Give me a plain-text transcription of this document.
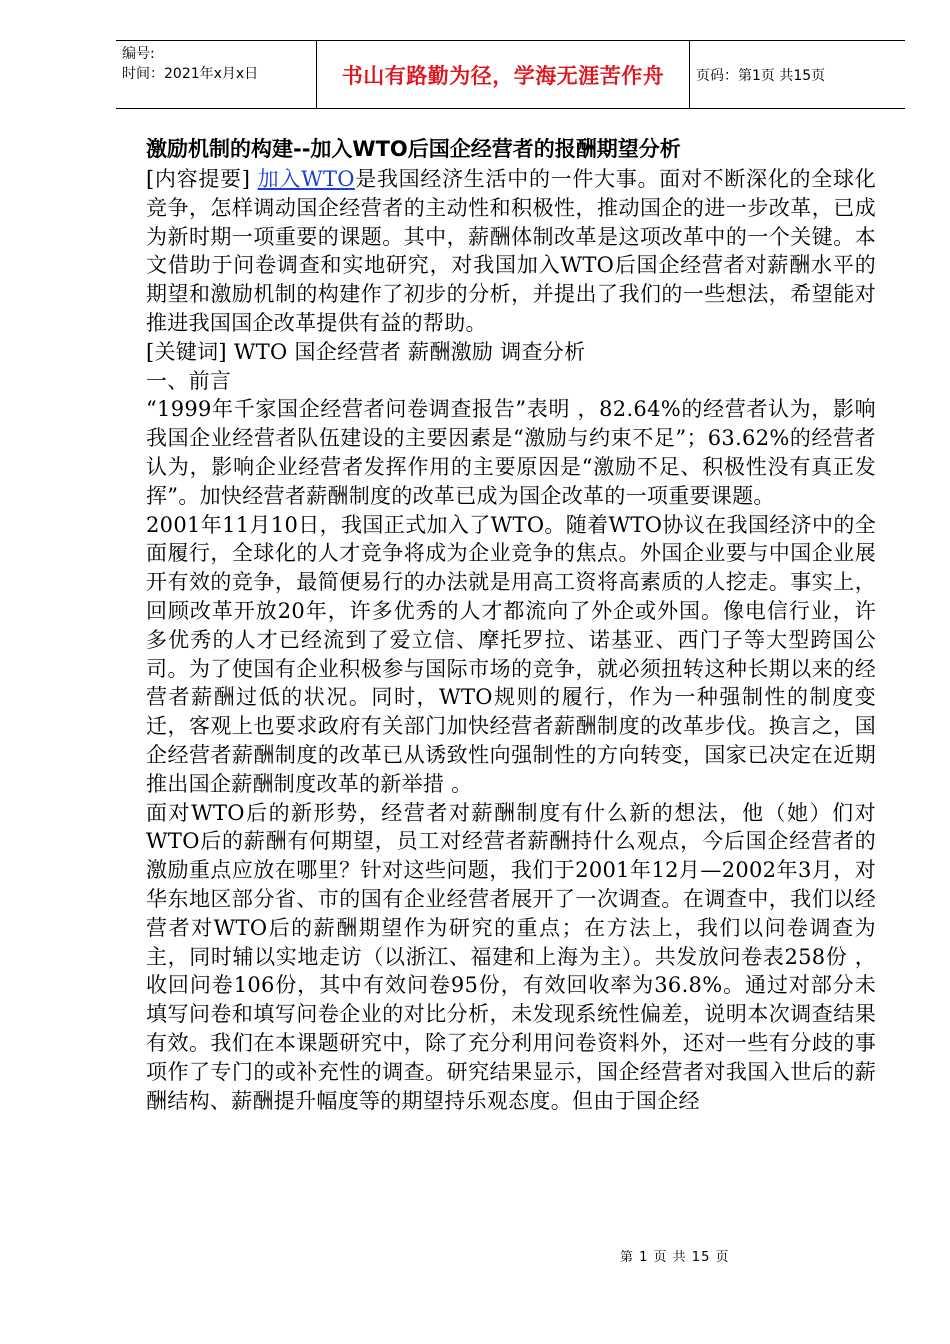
编号:
时间：2021年x月x日	书山有路勤为径，学海无涯苦作舟 页码：第1页 共15页
激励机制的构建--加入WTO后国企经营者的报酬期望分析

[内容提要] 加入WTO是我国经济生活中的一件大事。面对不断深化的全球化竞争，怎样调动国企经营者的主动性和积极性，推动国企的进一步改革，已成为新时期一项重要的课题。其中，薪酬体制改革是这项改革中的一个关键。本文借助于问卷调查和实地研究，对我国加入WTO后国企经营者对薪酬水平的期望和激励机制的构建作了初步的分析，并提出了我们的一些想法，希望能对推进我国国企改革提供有益的帮助。

[关键词] WTO 国企经营者 薪酬激励 调查分析

一、前言

“1999年千家国企经营者问卷调查报告”表明 ，82.64%的经营者认为，影响我国企业经营者队伍建设的主要因素是“激励与约束不足”；63.62%的经营者认为，影响企业经营者发挥作用的主要原因是“激励不足、积极性没有真正发挥”。加快经营者薪酬制度的改革已成为国企改革的一项重要课题。

2001年11月10日，我国正式加入了WTO。随着WTO协议在我国经济中的全面履行，全球化的人才竞争将成为企业竞争的焦点。外国企业要与中国企业展开有效的竞争，最简便易行的办法就是用高工资将高素质的人挖走。事实上，回顾改革开放20年，许多优秀的人才都流向了外企或外国。像电信行业，许多优秀的人才已经流到了爱立信、摩托罗拉、诺基亚、西门子等大型跨国公司。为了使国有企业积极参与国际市场的竞争，就必须扭转这种长期以来的经营者薪酬过低的状况。同时，WTO规则的履行，作为一种强制性的制度变迁，客观上也要求政府有关部门加快经营者薪酬制度的改革步伐。换言之，国企经营者薪酬制度的改革已从诱致性向强制性的方向转变，国家已决定在近期推出国企薪酬制度改革的新举措 。

面对WTO后的新形势，经营者对薪酬制度有什么新的想法，他（她）们对WTO后的薪酬有何期望，员工对经营者薪酬持什么观点，今后国企经营者的激励重点应放在哪里？针对这些问题，我们于2001年12月—2002年3月，对华东地区部分省、市的国有企业经营者展开了一次调查。在调查中，我们以经营者对WTO后的薪酬期望作为研究的重点；在方法上，我们以问卷调查为主，同时辅以实地走访（以浙江、福建和上海为主）。共发放问卷表258份 ，收回问卷106份，其中有效问卷95份，有效回收率为36.8%。通过对部分未填写问卷和填写问卷企业的对比分析，未发现系统性偏差，说明本次调查结果有效。我们在本课题研究中，除了充分利用问卷资料外，还对一些有分歧的事项作了专门的或补充性的调查。研究结果显示，国企经营者对我国入世后的薪酬结构、薪酬提升幅度等的期望持乐观态度。但由于国企经

第 1 页 共 15 页
